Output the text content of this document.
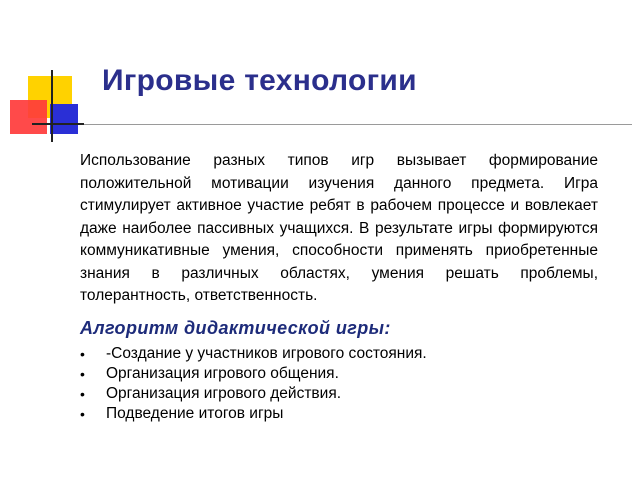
Игровые технологии

Использование разных типов игр вызывает формирование положительной мотивации изучения данного предмета. Игра стимулирует активное участие ребят в рабочем процессе и вовлекает даже наиболее пассивных учащихся. В результате игры формируются коммуникативные умения, способности применять приобретенные знания в различных областях, умения решать проблемы, толерантность, ответственность.

Алгоритм дидактической игры:
• -Создание у участников игрового состояния.
• Организация игрового общения.
• Организация игрового действия.
• Подведение итогов игры
